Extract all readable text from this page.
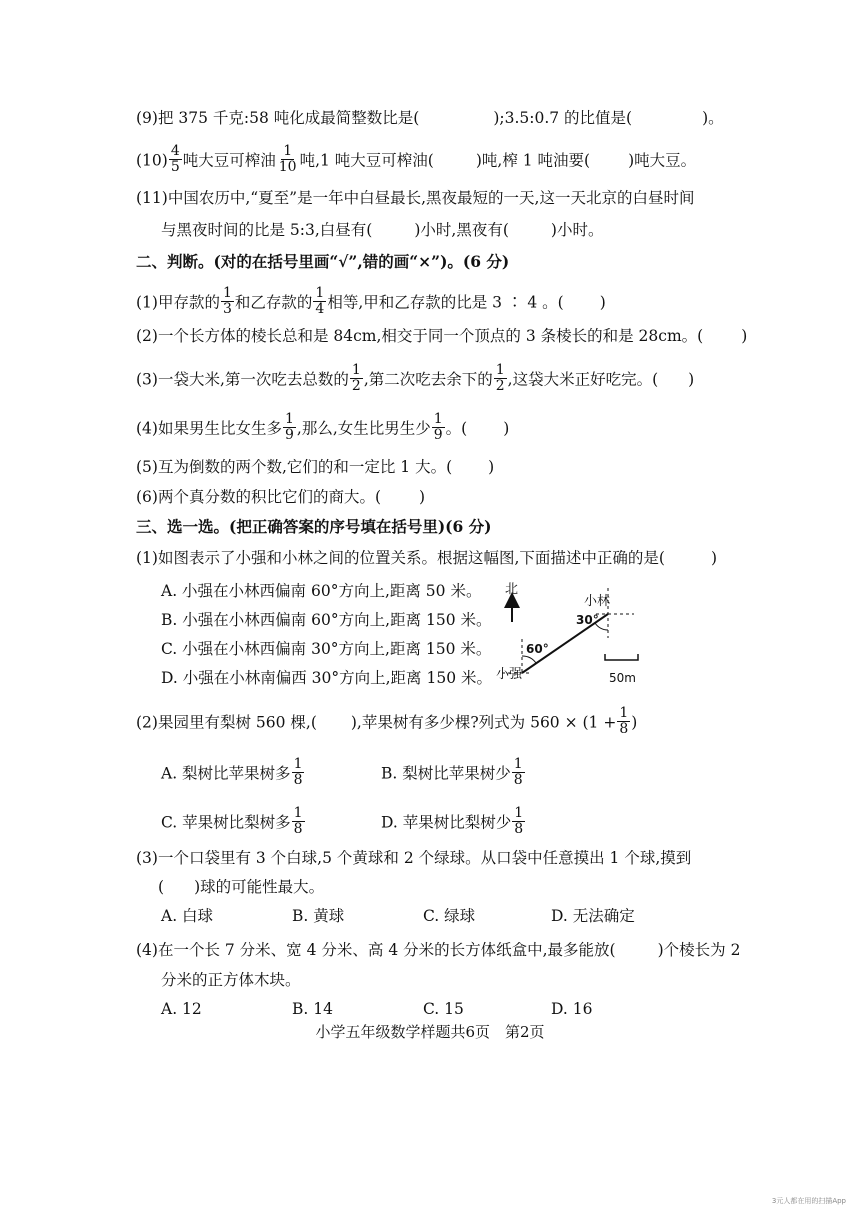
(9)把 375 千克:58 吨化成最简整数比是(	);3.5:0.7 的比值是(	)。
$(10) \frac{4}{5}$ 吨大豆可榨油 $\frac{1}{10}$ 吨,1 吨大豆可榨油(	)吨,榨 1 吨油要( )吨大豆。
(11)中国农历中,“夏至”是一年中白昼最长,黑夜最短的一天,这一天北京的白昼时间
与黑夜时间的比是 5:3,白昼有(	)小时,黑夜有(	)小时。
二、判断。(对的在括号里画“√”,错的画“×”)。(6 分)
(1)甲存款的 $\frac{1}{3}$ 和乙存款的 $\frac{1}{4}$ 相等,甲和乙存款的比是 3 ∶ 4 。( )
(2)一个长方体的棱长总和是 84cm,相交于同一个顶点的 3 条棱长的和是 28cm。( )
(3)一袋大米,第一次吃去总数的 $\frac{1}{2}$ ,第二次吃去余下的 $\frac{1}{2}$ ,这袋大米正好吃完。( )
(4)如果男生比女生多 $\frac{1}{9}$ ,那么,女生比男生少 $\frac{1}{9}$ 。( )
(5)互为倒数的两个数,它们的和一定比 1 大。( )
(6)两个真分数的积比它们的商大。( )
三、选一选。(把正确答案的序号填在括号里)(6 分)
(1)如图表示了小强和小林之间的位置关系。根据这幅图,下面描述中正确的是(	)
A. 小强在小林西偏南 60°方向上,距离 50 米。
B. 小强在小林西偏南 60°方向上,距离 150 米。
C. 小强在小林西偏南 30°方向上,距离 150 米。
D. 小强在小林南偏西 30°方向上,距离 150 米。
北
60°
30°
小林
小强	50m
(2)果园里有梨树 560 棵,( ),苹果树有多少棵?列式为 $560 \times (1 + \frac{1}{8}$ )
A. 梨树比苹果树多 $\frac{1}{8}$	B. 梨树比苹果树少 $\frac{1}{8}$
C. 苹果树比梨树多 $\frac{1}{8}$	D. 苹果树比梨树少 $\frac{1}{8}$
(3)一个口袋里有 3 个白球,5 个黄球和 2 个绿球。从口袋中任意摸出 1 个球,摸到
( )球的可能性最大。
A. 白球	B. 黄球	C. 绿球	D. 无法确定
(4)在一个长 7 分米、宽 4 分米、高 4 分米的长方体纸盒中,最多能放(	)个棱长为 2
分米的正方体木块。
A. 12	B. 14	C. 15	D. 16
小学五年级数学样题共6页　第2页
3元人都在用的扫描App
